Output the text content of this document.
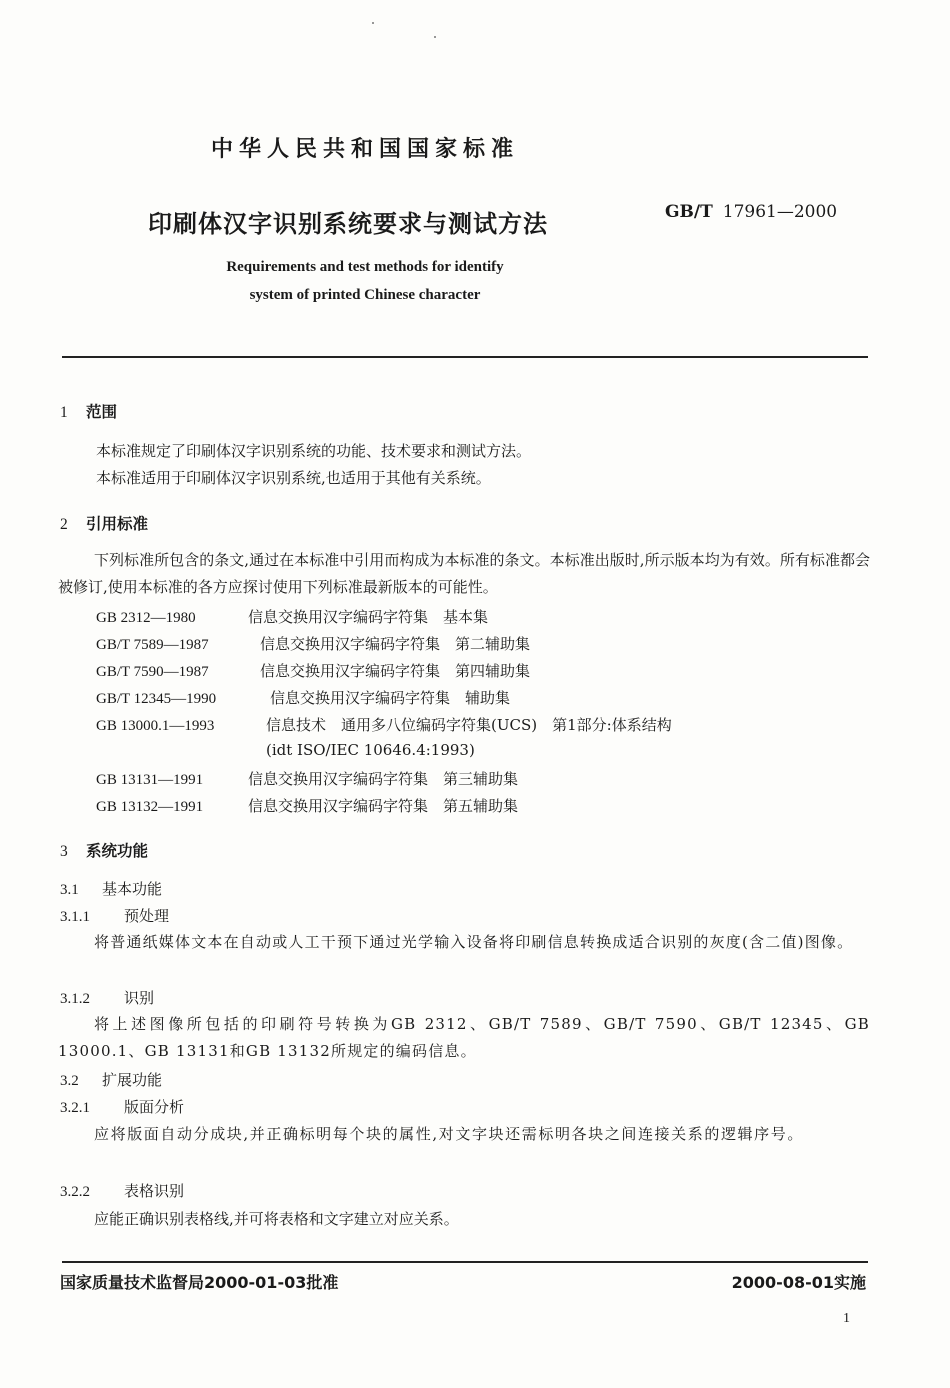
中华人民共和国国家标准
印刷体汉字识别系统要求与测试方法	GB/T 17961—2000
Requirements and test methods for identify
system of printed Chinese character
1 范围
本标准规定了印刷体汉字识别系统的功能、技术要求和测试方法。
本标准适用于印刷体汉字识别系统,也适用于其他有关系统。
2 引用标准
下列标准所包含的条文,通过在本标准中引用而构成为本标准的条文。本标准出版时,所示版本均为有效。所有标准都会被修订,使用本标准的各方应探讨使用下列标准最新版本的可能性。
GB 2312—1980	信息交换用汉字编码字符集　基本集
GB/T 7589—1987	信息交换用汉字编码字符集　第二辅助集
GB/T 7590—1987	信息交换用汉字编码字符集　第四辅助集
GB/T 12345—1990	信息交换用汉字编码字符集　辅助集
GB 13000.1—1993	信息技术　通用多八位编码字符集(UCS)　第1部分:体系结构
(idt ISO/IEC 10646.4:1993)
GB 13131—1991	信息交换用汉字编码字符集　第三辅助集
GB 13132—1991	信息交换用汉字编码字符集　第五辅助集
3 系统功能
3.1 基本功能
3.1.1 预处理
将普通纸媒体文本在自动或人工干预下通过光学输入设备将印刷信息转换成适合识别的灰度(含二值)图像。
3.1.2 识别
将上述图像所包括的印刷符号转换为GB 2312、GB/T 7589、GB/T 7590、GB/T 12345、GB 13000.1、GB 13131和GB 13132所规定的编码信息。
3.2 扩展功能
3.2.1 版面分析
应将版面自动分成块,并正确标明每个块的属性,对文字块还需标明各块之间连接关系的逻辑序号。
3.2.2 表格识别
应能正确识别表格线,并可将表格和文字建立对应关系。
国家质量技术监督局2000-01-03批准	2000-08-01实施
1
